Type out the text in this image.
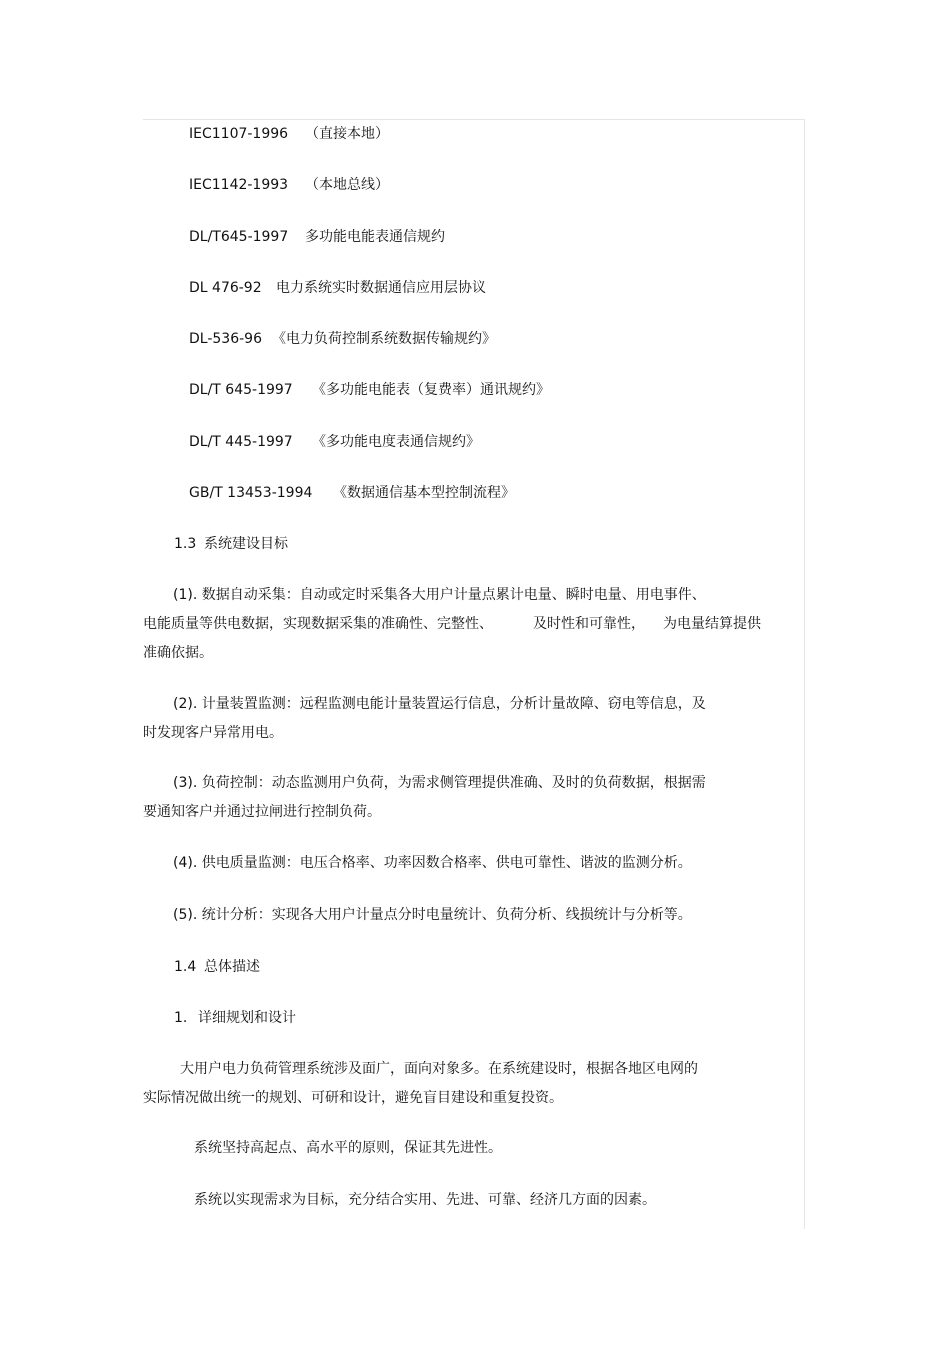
IEC1107-1996 （直接本地）
IEC1142-1993 （本地总线）
DL/T645-1997 多功能电能表通信规约
DL 476-92 电力系统实时数据通信应用层协议
DL-536-96 《电力负荷控制系统数据传输规约》
DL/T 645-1997 《多功能电能表（复费率）通讯规约》
DL/T 445-1997 《多功能电度表通信规约》
GB/T 13453-1994 《数据通信基本型控制流程》
1.3 系统建设目标
(1). 数据自动采集：自动或定时采集各大用户计量点累计电量、瞬时电量、用电事件、
电能质量等供电数据，实现数据采集的准确性、完整性、	及时性和可靠性， 为电量结算提供
准确依据。
(2). 计量装置监测：远程监测电能计量装置运行信息，分析计量故障、窃电等信息，及
时发现客户异常用电。
(3). 负荷控制：动态监测用户负荷，为需求侧管理提供准确、及时的负荷数据，根据需
要通知客户并通过拉闸进行控制负荷。
(4). 供电质量监测：电压合格率、功率因数合格率、供电可靠性、谐波的监测分析。
(5). 统计分析：实现各大用户计量点分时电量统计、负荷分析、线损统计与分析等。
1.4 总体描述
1. 详细规划和设计
大用户电力负荷管理系统涉及面广，面向对象多。在系统建设时，根据各地区电网的
实际情况做出统一的规划、可研和设计，避免盲目建设和重复投资。
系统坚持高起点、高水平的原则，保证其先进性。
系统以实现需求为目标，充分结合实用、先进、可靠、经济几方面的因素。
